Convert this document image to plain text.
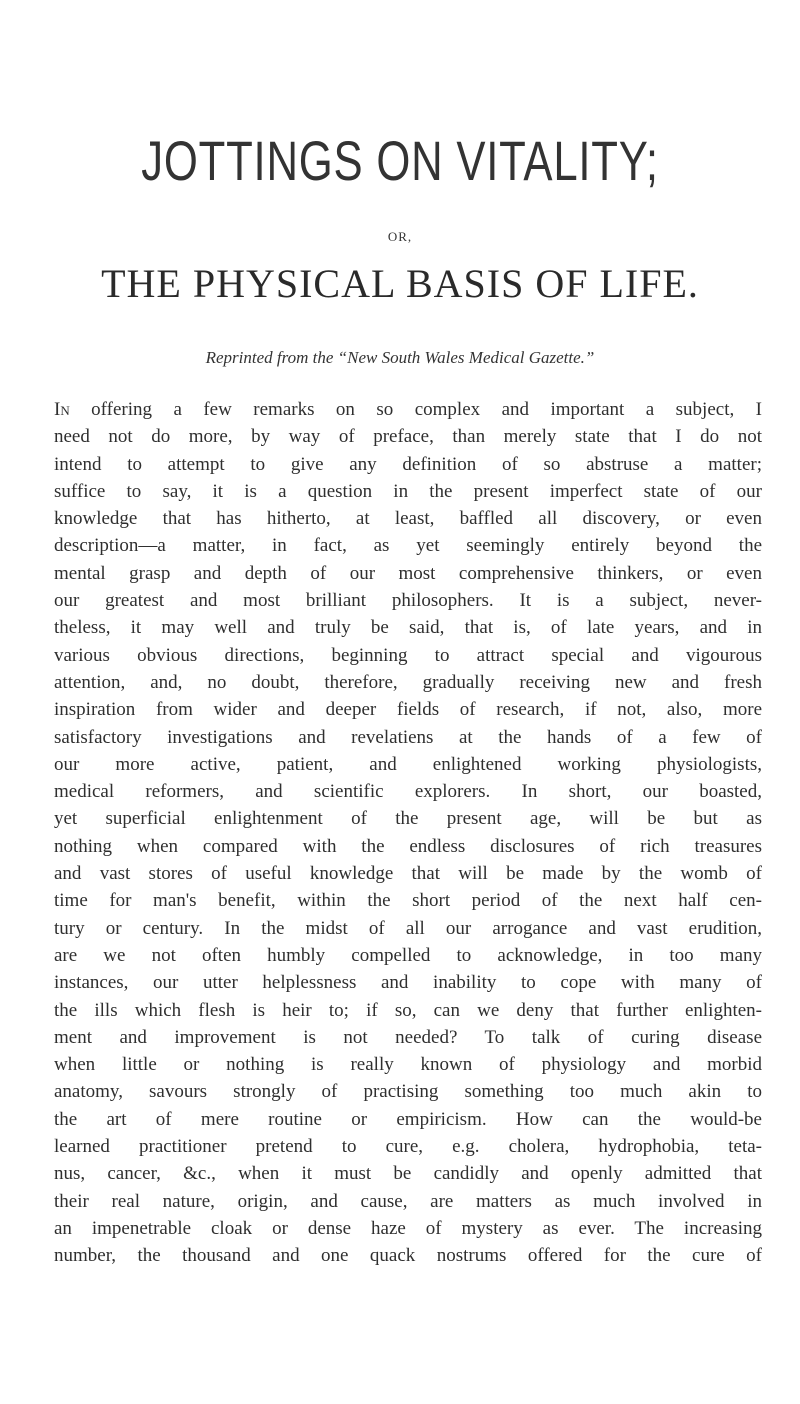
JOTTINGS ON VITALITY;
OR,
THE PHYSICAL BASIS OF LIFE.
Reprinted from the “New South Wales Medical Gazette.”
In offering a few remarks on so complex and important a subject, I
need not do more, by way of preface, than merely state that I do not
intend to attempt to give any definition of so abstruse a matter;
suffice to say, it is a question in the present imperfect state of our
knowledge that has hitherto, at least, baffled all discovery, or even
description—a matter, in fact, as yet seemingly entirely beyond the
mental grasp and depth of our most comprehensive thinkers, or even
our greatest and most brilliant philosophers. It is a subject, never-
theless, it may well and truly be said, that is, of late years, and in
various obvious directions, beginning to attract special and vigourous
attention, and, no doubt, therefore, gradually receiving new and fresh
inspiration from wider and deeper fields of research, if not, also, more
satisfactory investigations and revelatiens at the hands of a few of
our more active, patient, and enlightened working physiologists,
medical reformers, and scientific explorers. In short, our boasted,
yet superficial enlightenment of the present age, will be but as
nothing when compared with the endless disclosures of rich treasures
and vast stores of useful knowledge that will be made by the womb of
time for man's benefit, within the short period of the next half cen-
tury or century. In the midst of all our arrogance and vast erudition,
are we not often humbly compelled to acknowledge, in too many
instances, our utter helplessness and inability to cope with many of
the ills which flesh is heir to; if so, can we deny that further enlighten-
ment and improvement is not needed? To talk of curing disease
when little or nothing is really known of physiology and morbid
anatomy, savours strongly of practising something too much akin to
the art of mere routine or empiricism. How can the would-be
learned practitioner pretend to cure, e.g. cholera, hydrophobia, teta-
nus, cancer, &c., when it must be candidly and openly admitted that
their real nature, origin, and cause, are matters as much involved in
an impenetrable cloak or dense haze of mystery as ever. The increasing
number, the thousand and one quack nostrums offered for the cure of
